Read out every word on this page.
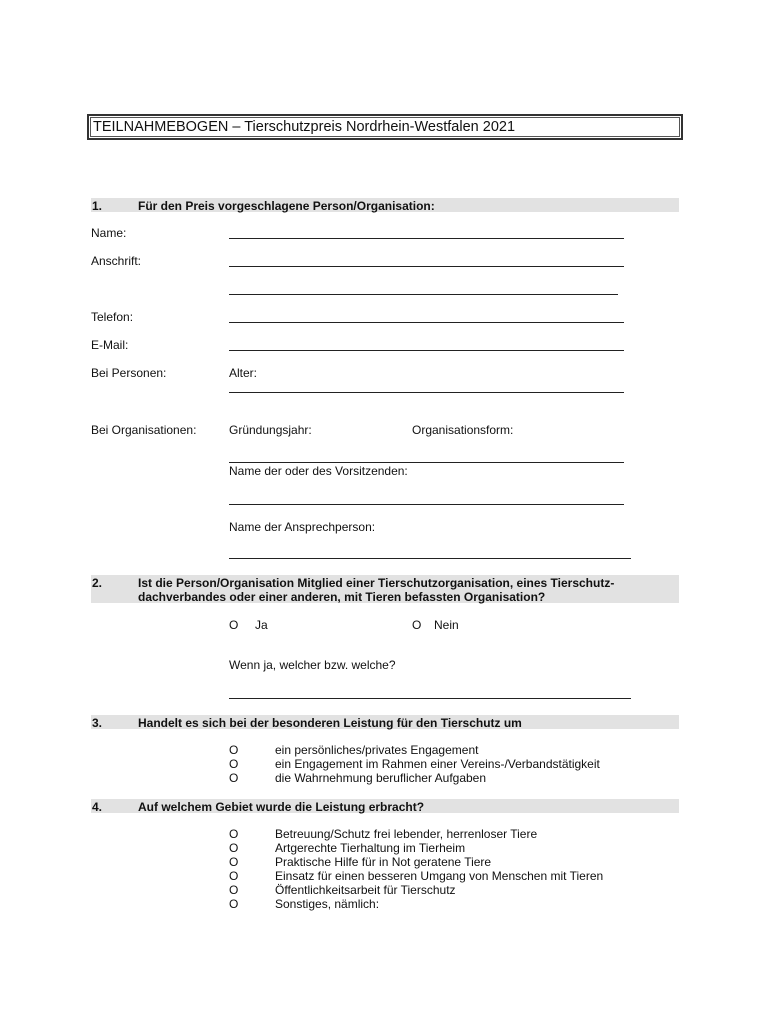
TEILNAHMEBOGEN – Tierschutzpreis Nordrhein-Westfalen 2021
1.	Für den Preis vorgeschlagene Person/Organisation:
Name:
Anschrift:
Telefon:
E-Mail:
Bei Personen:	Alter:
Bei Organisationen:	Gründungsjahr:	Organisationsform:
Name der oder des Vorsitzenden:
Name der Ansprechperson:
2.	Ist die Person/Organisation Mitglied einer Tierschutzorganisation, eines Tierschutz-
dachverbandes oder einer anderen, mit Tieren befassten Organisation?
O Ja	O Nein
Wenn ja, welcher bzw. welche?
3.	Handelt es sich bei der besonderen Leistung für den Tierschutz um
O	ein persönliches/privates Engagement
O	ein Engagement im Rahmen einer Vereins-/Verbandstätigkeit
O	die Wahrnehmung beruflicher Aufgaben
4.	Auf welchem Gebiet wurde die Leistung erbracht?
O	Betreuung/Schutz frei lebender, herrenloser Tiere
O	Artgerechte Tierhaltung im Tierheim
O	Praktische Hilfe für in Not geratene Tiere
O	Einsatz für einen besseren Umgang von Menschen mit Tieren
O	Öffentlichkeitsarbeit für Tierschutz
O	Sonstiges, nämlich:
